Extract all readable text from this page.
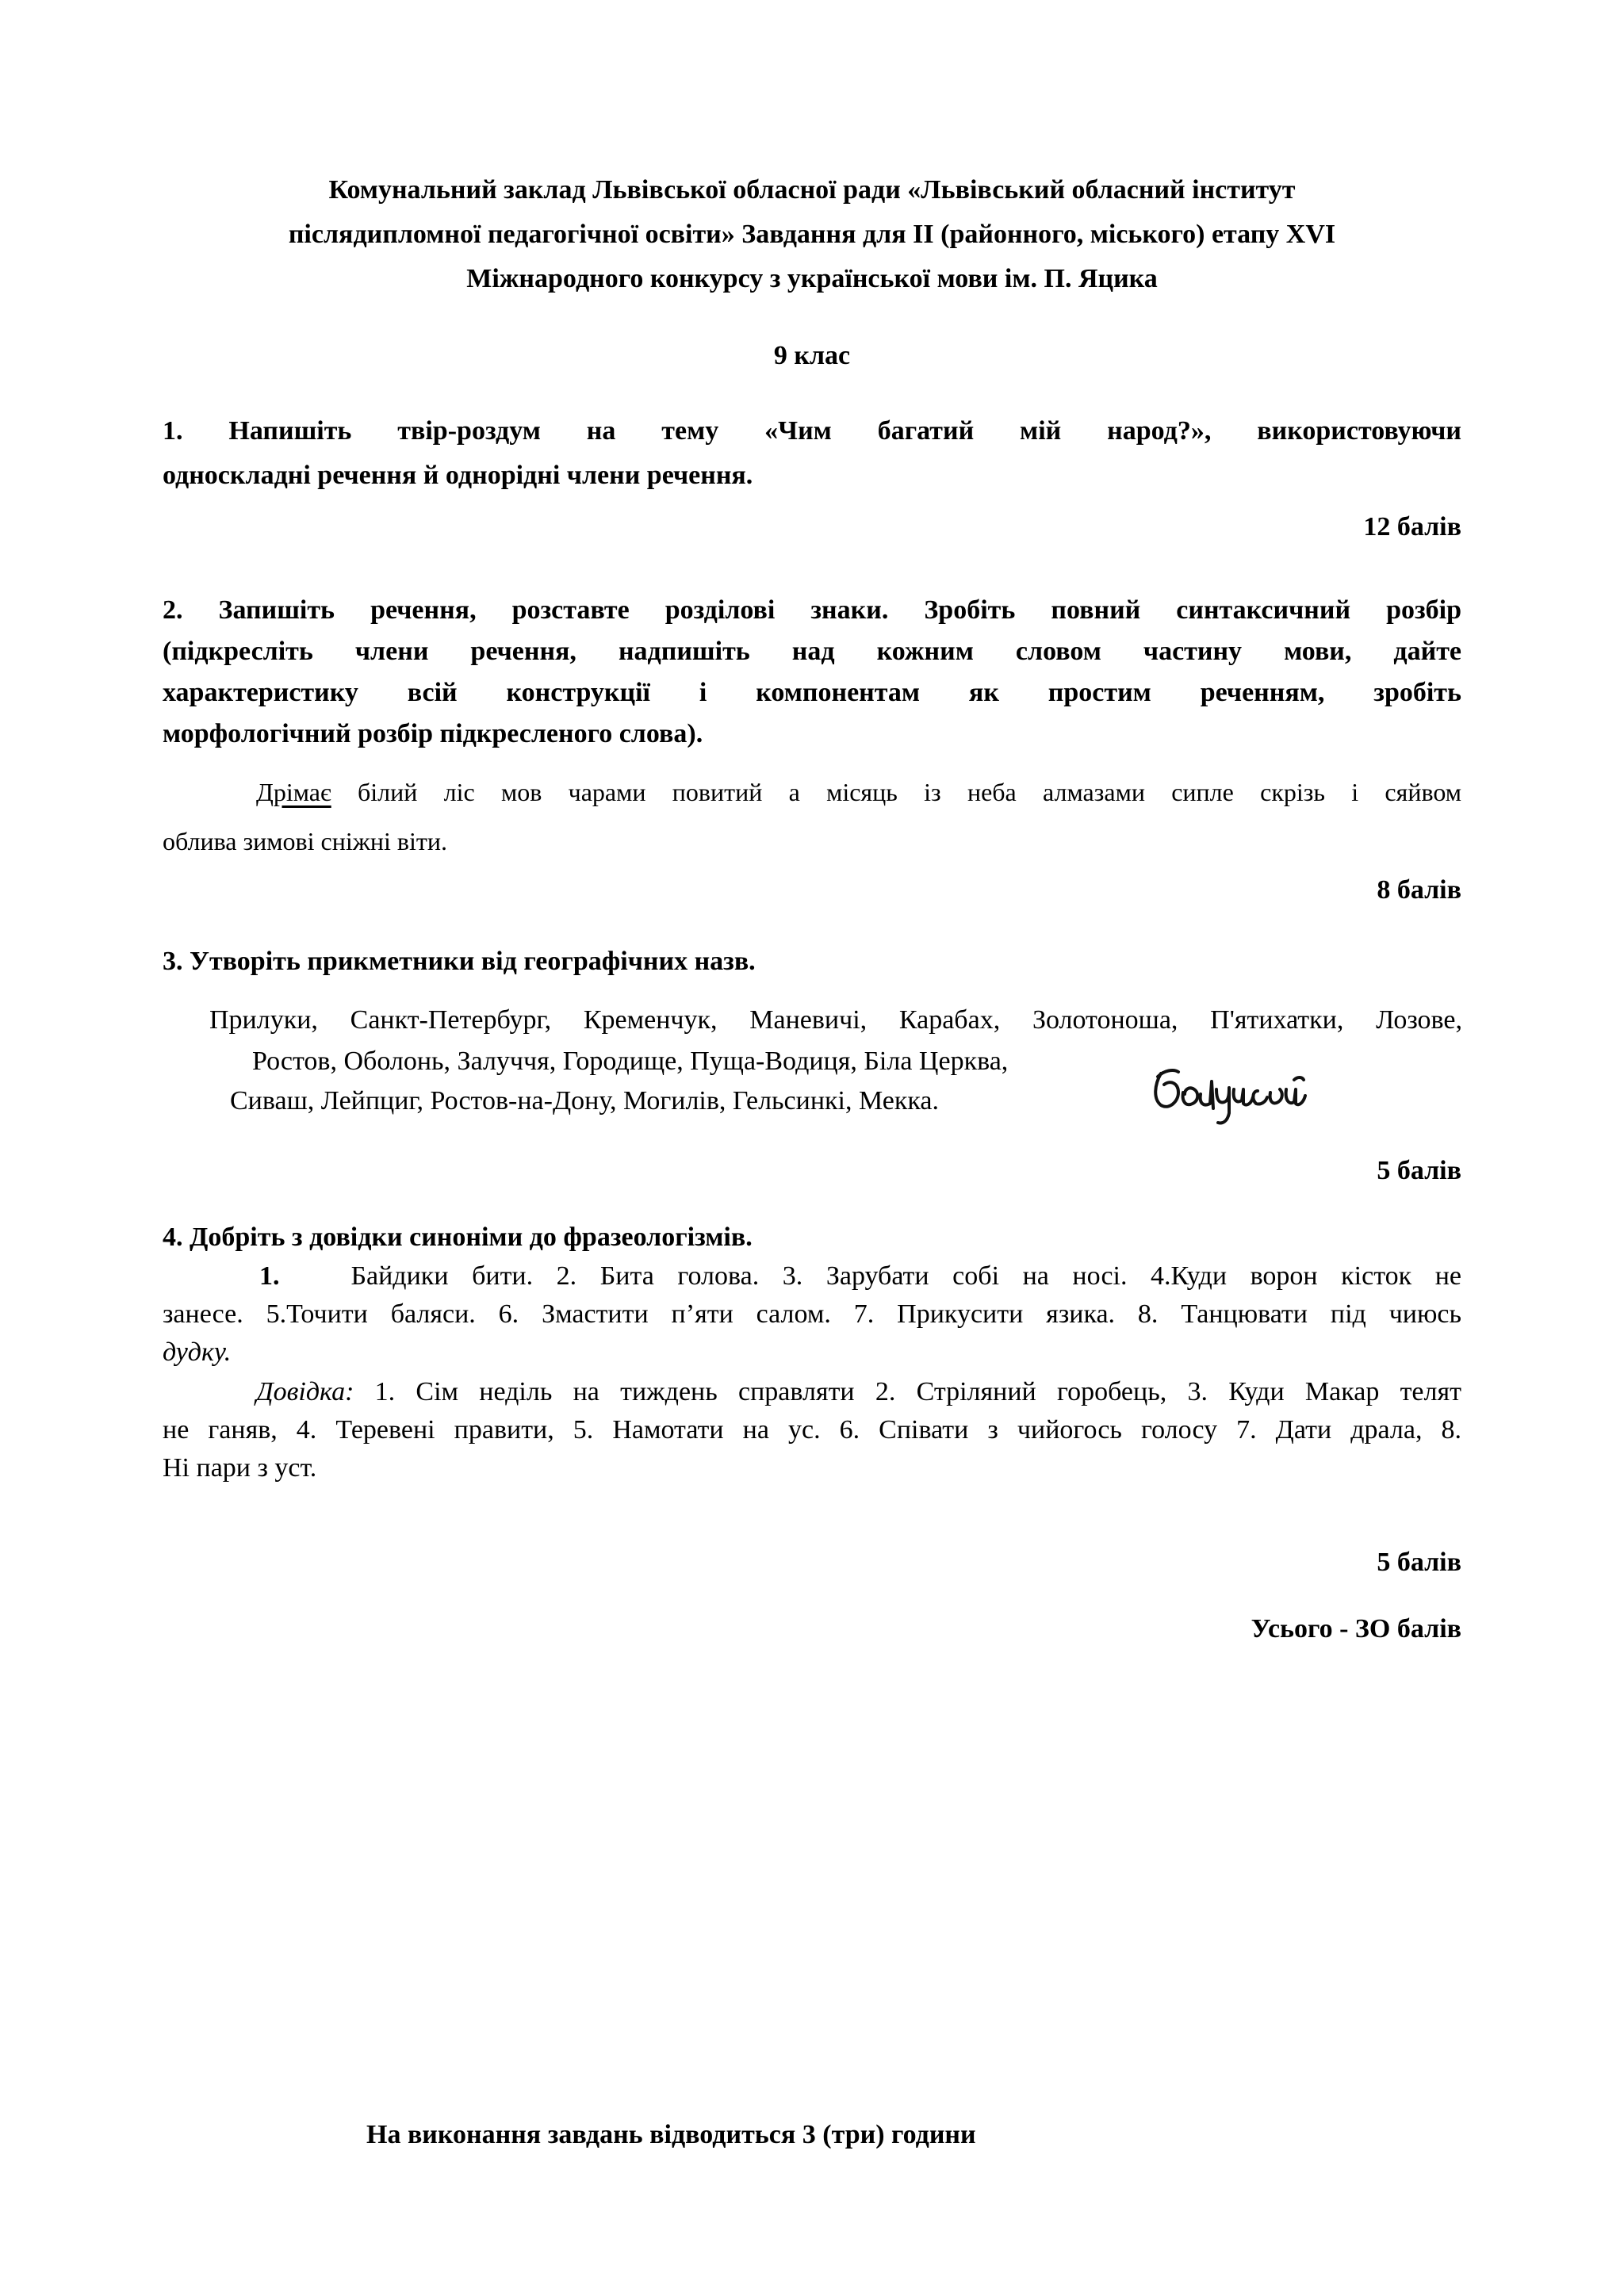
Комунальний заклад Львівської обласної ради «Львівський обласний інститут
післядипломної педагогічної освіти» Завдання для II (районного, міського) етапу XVI
Міжнародного конкурсу з української мови ім. П. Яцика
9 клас
1. Напишіть твір-роздум на тему «Чим багатий мій народ?», використовуючи
односкладні речення й однорідні члени речення.
12 балів
2. Запишіть речення, розставте розділові знаки. Зробіть повний синтаксичний розбір
(підкресліть члени речення, надпишіть над кожним словом частину мови, дайте
характеристику всій конструкції і компонентам як простим реченням, зробіть
морфологічний розбір підкресленого слова).
Дрімає білий ліс мов чарами повитий а місяць із неба алмазами сипле скрізь і сяйвом
облива зимові сніжні віти.
8 балів
3. Утворіть прикметники від географічних назв.
Прилуки, Санкт-Петербург, Кременчук, Маневичі, Карабах, Золотоноша, П'ятихатки, Лозове,
Ростов, Оболонь, Залуччя, Городище, Пуща-Водиця, Біла Церква,
Сиваш, Лейпциг, Ростов-на-Дону, Могилів, Гельсинкі, Мекка.
5 балів
4. Добріть з довідки синоніми до фразеологізмів.
1.	Байдики бити. 2. Бита голова. 3. Зарубати собі на носі. 4.Куди ворон кісток не
занесе. 5.Точити баляси. 6. Змастити п’яти салом. 7. Прикусити язика. 8. Танцювати під чиюсь
дудку.
Довідка: 1. Сім неділь на тиждень справляти 2. Стріляний горобець, 3. Куди Макар телят
не ганяв, 4. Теревені правити, 5. Намотати на ус. 6. Співати з чийогось голосу 7. Дати драла, 8.
Ні пари з уст.
5 балів
Усього - ЗО балів
На виконання завдань відводиться 3 (три) години
